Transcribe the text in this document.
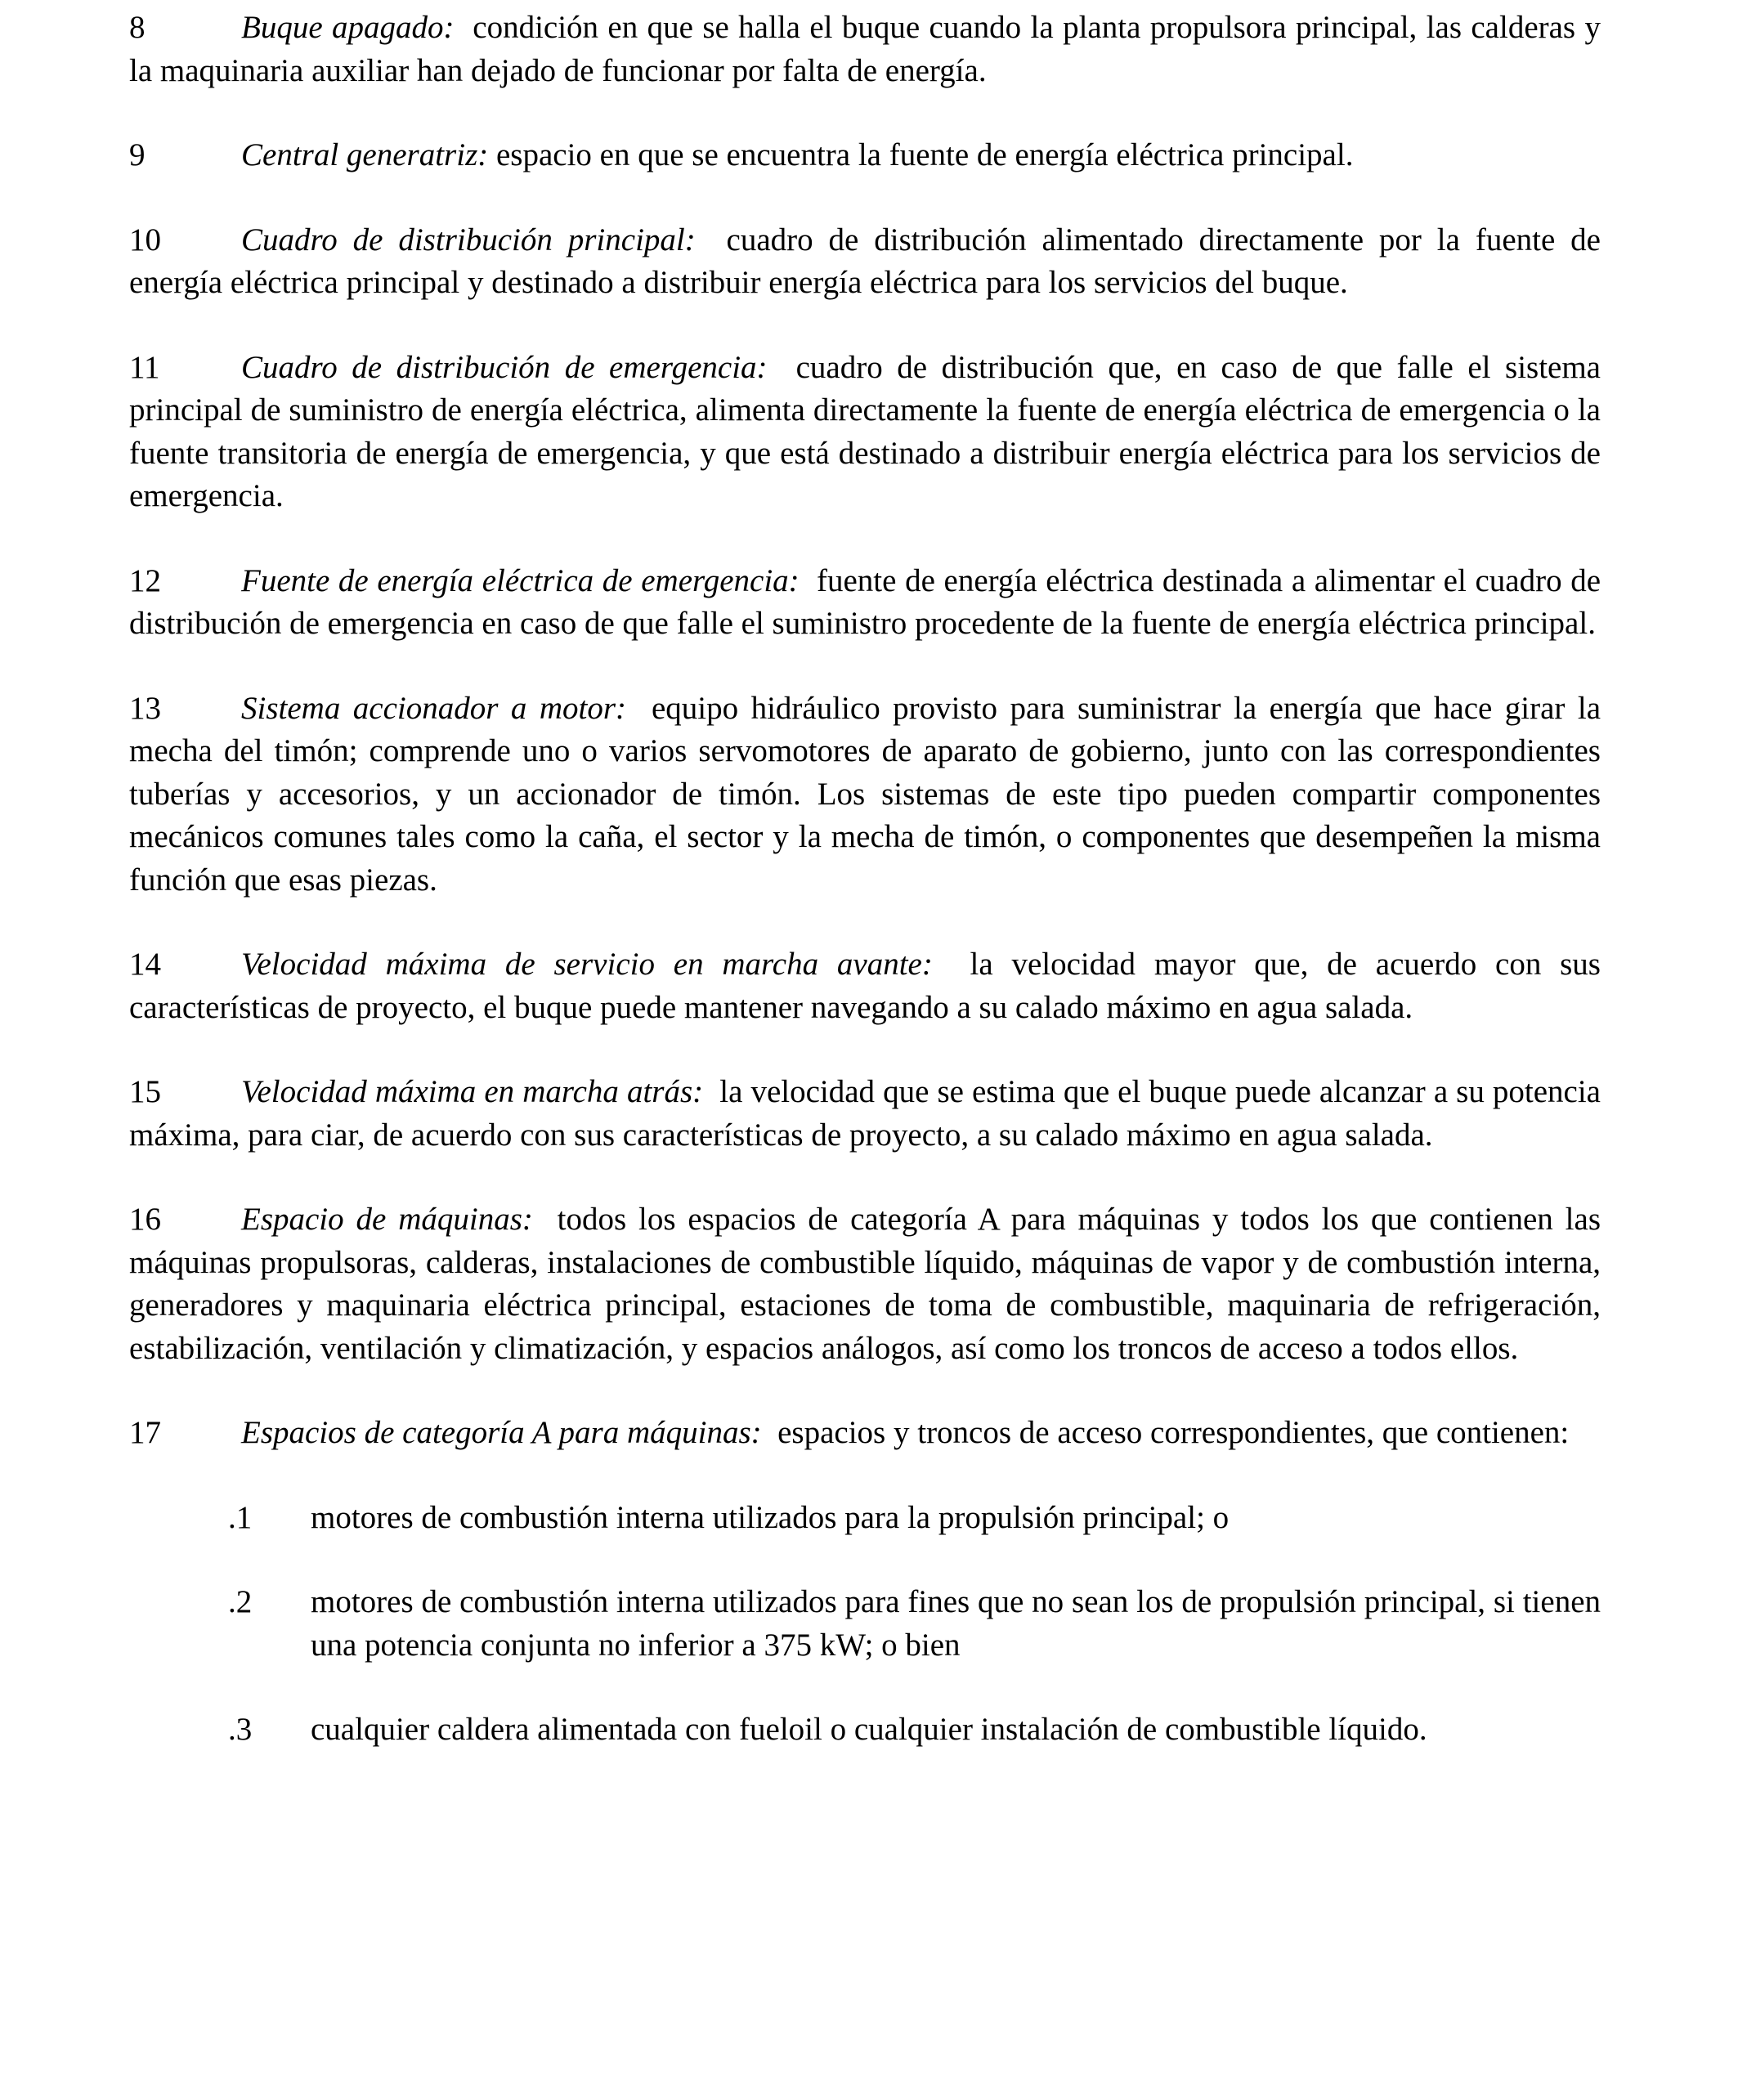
8	Buque apagado: condición en que se halla el buque cuando la planta propulsora principal, las calderas y la maquinaria auxiliar han dejado de funcionar por falta de energía.

9	Central generatriz: espacio en que se encuentra la fuente de energía eléctrica principal.

10	Cuadro de distribución principal: cuadro de distribución alimentado directamente por la fuente de energía eléctrica principal y destinado a distribuir energía eléctrica para los servicios del buque.

11	Cuadro de distribución de emergencia: cuadro de distribución que, en caso de que falle el sistema principal de suministro de energía eléctrica, alimenta directamente la fuente de energía eléctrica de emergencia o la fuente transitoria de energía de emergencia, y que está destinado a distribuir energía eléctrica para los servicios de emergencia.

12	Fuente de energía eléctrica de emergencia: fuente de energía eléctrica destinada a alimentar el cuadro de distribución de emergencia en caso de que falle el suministro procedente de la fuente de energía eléctrica principal.

13	Sistema accionador a motor: equipo hidráulico provisto para suministrar la energía que hace girar la mecha del timón; comprende uno o varios servomotores de aparato de gobierno, junto con las correspondientes tuberías y accesorios, y un accionador de timón. Los sistemas de este tipo pueden compartir componentes mecánicos comunes tales como la caña, el sector y la mecha de timón, o componentes que desempeñen la misma función que esas piezas.

14	Velocidad máxima de servicio en marcha avante: la velocidad mayor que, de acuerdo con sus características de proyecto, el buque puede mantener navegando a su calado máximo en agua salada.

15	Velocidad máxima en marcha atrás: la velocidad que se estima que el buque puede alcanzar a su potencia máxima, para ciar, de acuerdo con sus características de proyecto, a su calado máximo en agua salada.

16	Espacio de máquinas: todos los espacios de categoría A para máquinas y todos los que contienen las máquinas propulsoras, calderas, instalaciones de combustible líquido, máquinas de vapor y de combustión interna, generadores y maquinaria eléctrica principal, estaciones de toma de combustible, maquinaria de refrigeración, estabilización, ventilación y climatización, y espacios análogos, así como los troncos de acceso a todos ellos.

17	Espacios de categoría A para máquinas: espacios y troncos de acceso correspondientes, que contienen:

.1 motores de combustión interna utilizados para la propulsión principal; o

.2 motores de combustión interna utilizados para fines que no sean los de propulsión principal, si tienen una potencia conjunta no inferior a 375 kW; o bien

.3 cualquier caldera alimentada con fueloil o cualquier instalación de combustible líquido.
